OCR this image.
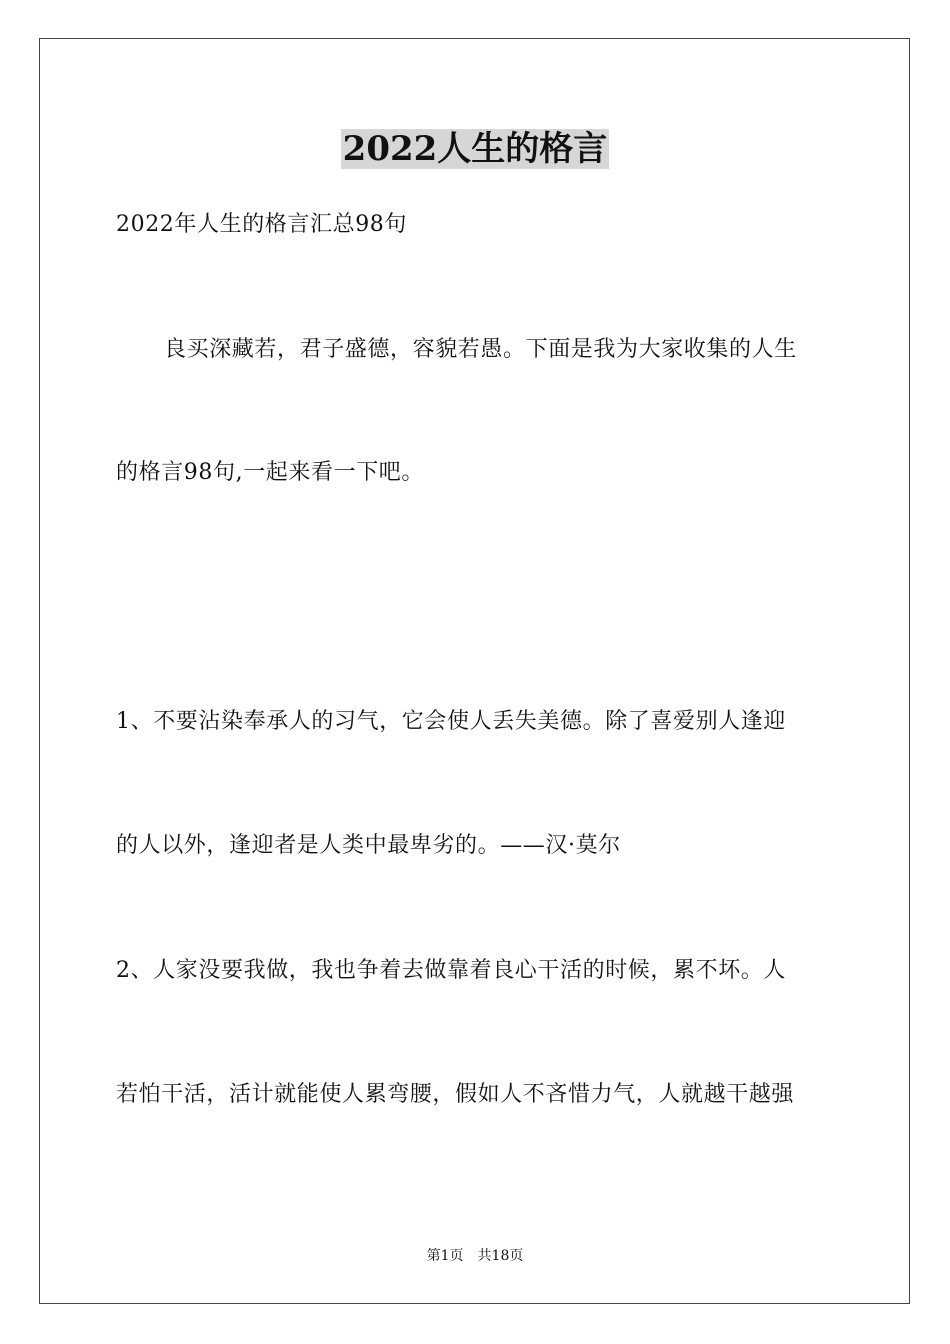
2022人生的格言
2022年人生的格言汇总98句
良买深藏若，君子盛德，容貌若愚。下面是我为大家收集的人生
的格言98句,一起来看一下吧。
1、不要沾染奉承人的习气，它会使人丢失美德。除了喜爱别人逢迎
的人以外，逢迎者是人类中最卑劣的。——汉·莫尔
2、人家没要我做，我也争着去做靠着良心干活的时候，累不坏。人
若怕干活，活计就能使人累弯腰，假如人不吝惜力气，人就越干越强
第1页　共18页
